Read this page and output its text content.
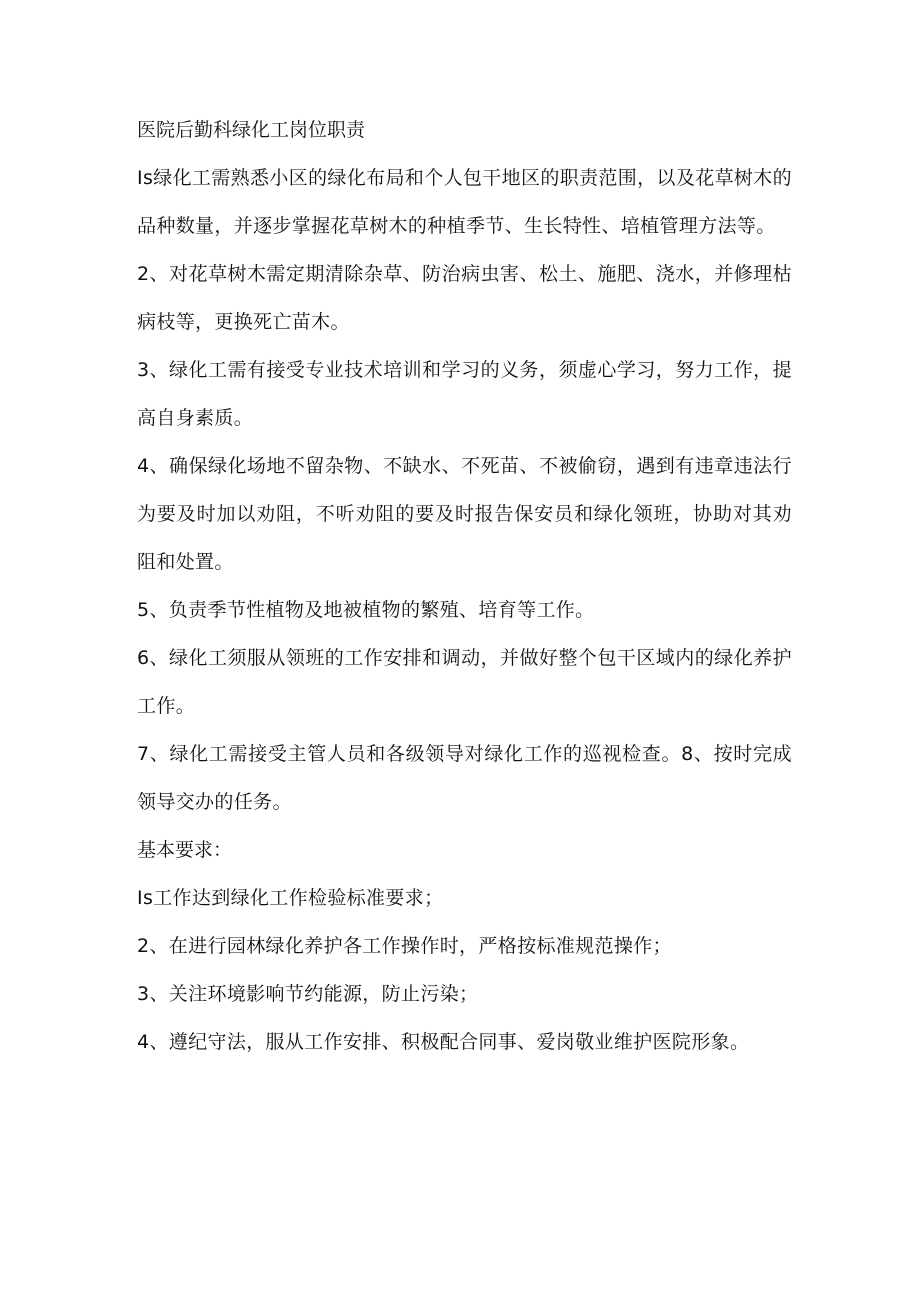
医院后勤科绿化工岗位职责

Is绿化工需熟悉小区的绿化布局和个人包干地区的职责范围，以及花草树木的品种数量，并逐步掌握花草树木的种植季节、生长特性、培植管理方法等。

2、对花草树木需定期清除杂草、防治病虫害、松土、施肥、浇水，并修理枯病枝等，更换死亡苗木。

3、绿化工需有接受专业技术培训和学习的义务，须虚心学习，努力工作，提高自身素质。

4、确保绿化场地不留杂物、不缺水、不死苗、不被偷窃，遇到有违章违法行为要及时加以劝阻，不听劝阻的要及时报告保安员和绿化领班，协助对其劝阻和处置。

5、负责季节性植物及地被植物的繁殖、培育等工作。

6、绿化工须服从领班的工作安排和调动，并做好整个包干区域内的绿化养护工作。

7、绿化工需接受主管人员和各级领导对绿化工作的巡视检查。8、按时完成领导交办的任务。

基本要求：

Is工作达到绿化工作检验标准要求；

2、在进行园林绿化养护各工作操作时，严格按标准规范操作；

3、关注环境影响节约能源，防止污染；

4、遵纪守法，服从工作安排、积极配合同事、爱岗敬业维护医院形象。
